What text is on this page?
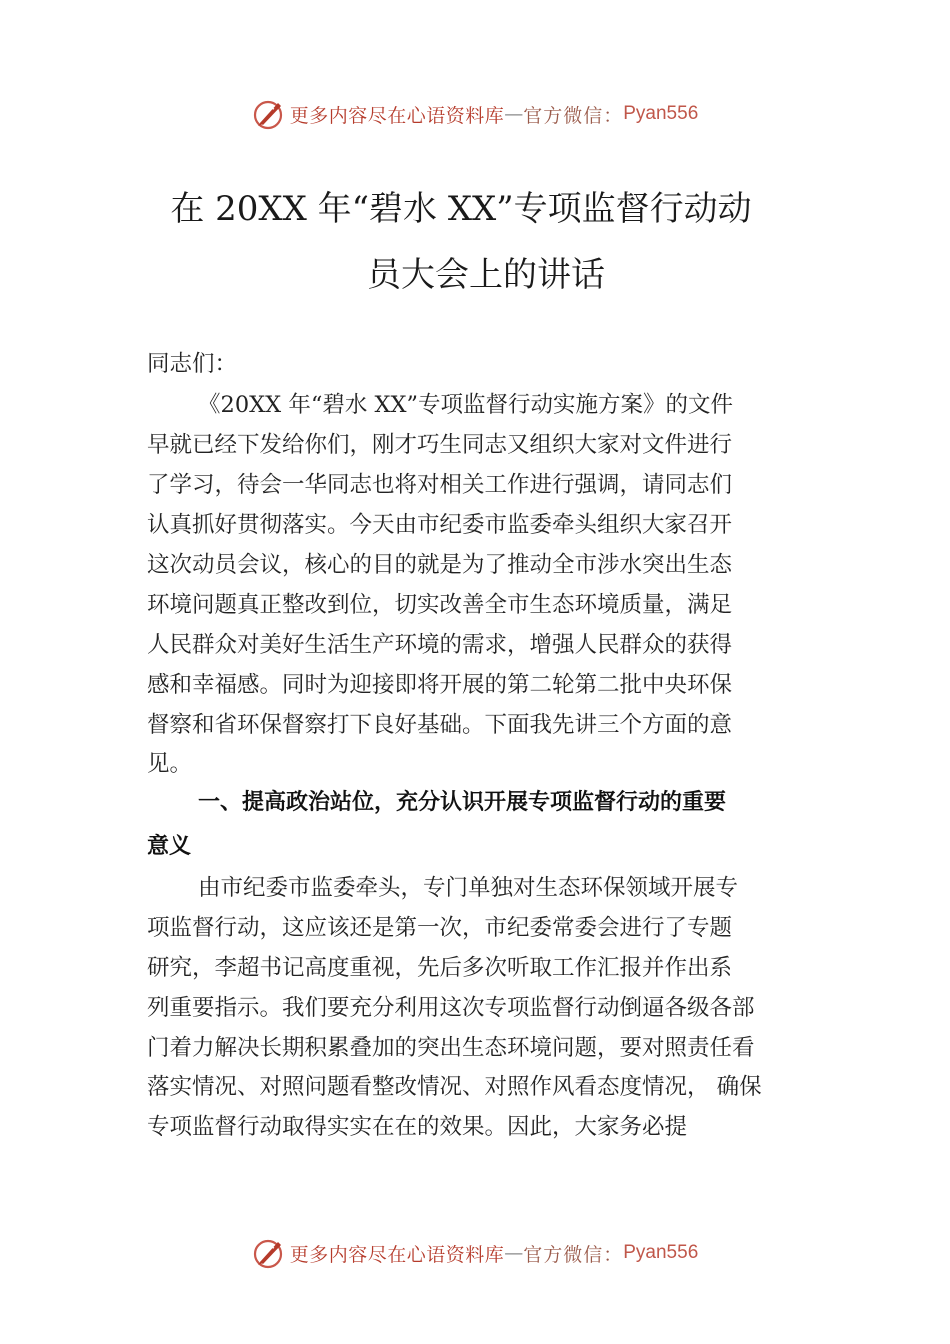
更多内容尽在心语资料库 — 官方微信： Pyan556
在 20XX 年“碧水 XX”专项监督行动动
员大会上的讲话
同志们：
《20XX 年“碧水 XX”专项监督行动实施方案》的文件
早就已经下发给你们，刚才巧生同志又组织大家对文件进行
了学习，待会一华同志也将对相关工作进行强调，请同志们
认真抓好贯彻落实。今天由市纪委市监委牵头组织大家召开
这次动员会议，核心的目的就是为了推动全市涉水突出生态
环境问题真正整改到位，切实改善全市生态环境质量，满足
人民群众对美好生活生产环境的需求，增强人民群众的获得
感和幸福感。同时为迎接即将开展的第二轮第二批中央环保
督察和省环保督察打下良好基础。下面我先讲三个方面的意
见。
一、提高政治站位，充分认识开展专项监督行动的重要
意义
由市纪委市监委牵头，专门单独对生态环保领域开展专
项监督行动，这应该还是第一次，市纪委常委会进行了专题
研究，李超书记高度重视，先后多次听取工作汇报并作出系
列重要指示。我们要充分利用这次专项监督行动倒逼各级各部
门着力解决长期积累叠加的突出生态环境问题，要对照责任看
落实情况、对照问题看整改情况、对照作风看态度情况， 确保
专项监督行动取得实实在在的效果。因此，大家务必提
更多内容尽在心语资料库 — 官方微信： Pyan556
